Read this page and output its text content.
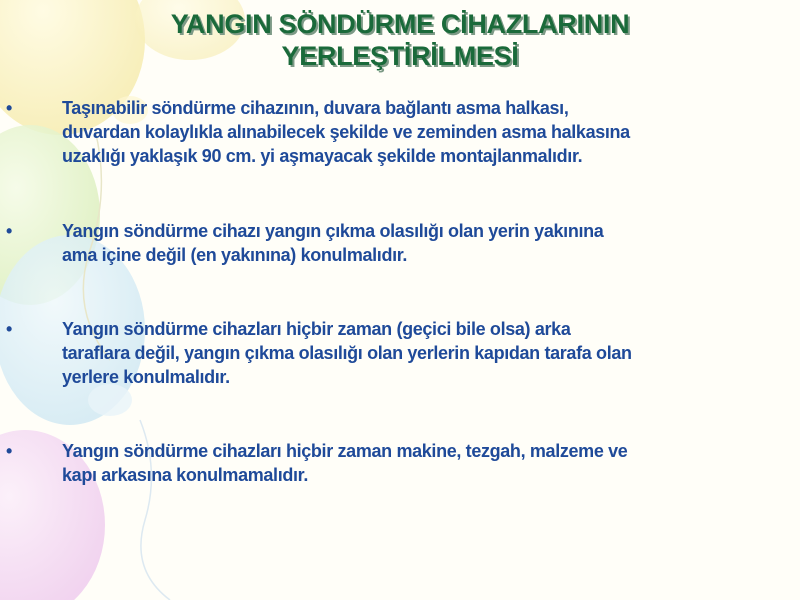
YANGIN SÖNDÜRME CİHAZLARININ
YERLEŞTİRİLMESİ
•	Taşınabilir söndürme cihazının, duvara bağlantı asma halkası,
duvardan kolaylıkla alınabilecek şekilde ve zeminden asma halkasına
uzaklığı yaklaşık 90 cm. yi aşmayacak şekilde montajlanmalıdır.
•	Yangın söndürme cihazı yangın çıkma olasılığı olan yerin yakınına
ama içine değil (en yakınına) konulmalıdır.
•	Yangın söndürme cihazları hiçbir zaman (geçici bile olsa) arka
taraflara değil, yangın çıkma olasılığı olan yerlerin kapıdan tarafa olan
yerlere konulmalıdır.
•	Yangın söndürme cihazları hiçbir zaman makine, tezgah, malzeme ve
kapı arkasına konulmamalıdır.
